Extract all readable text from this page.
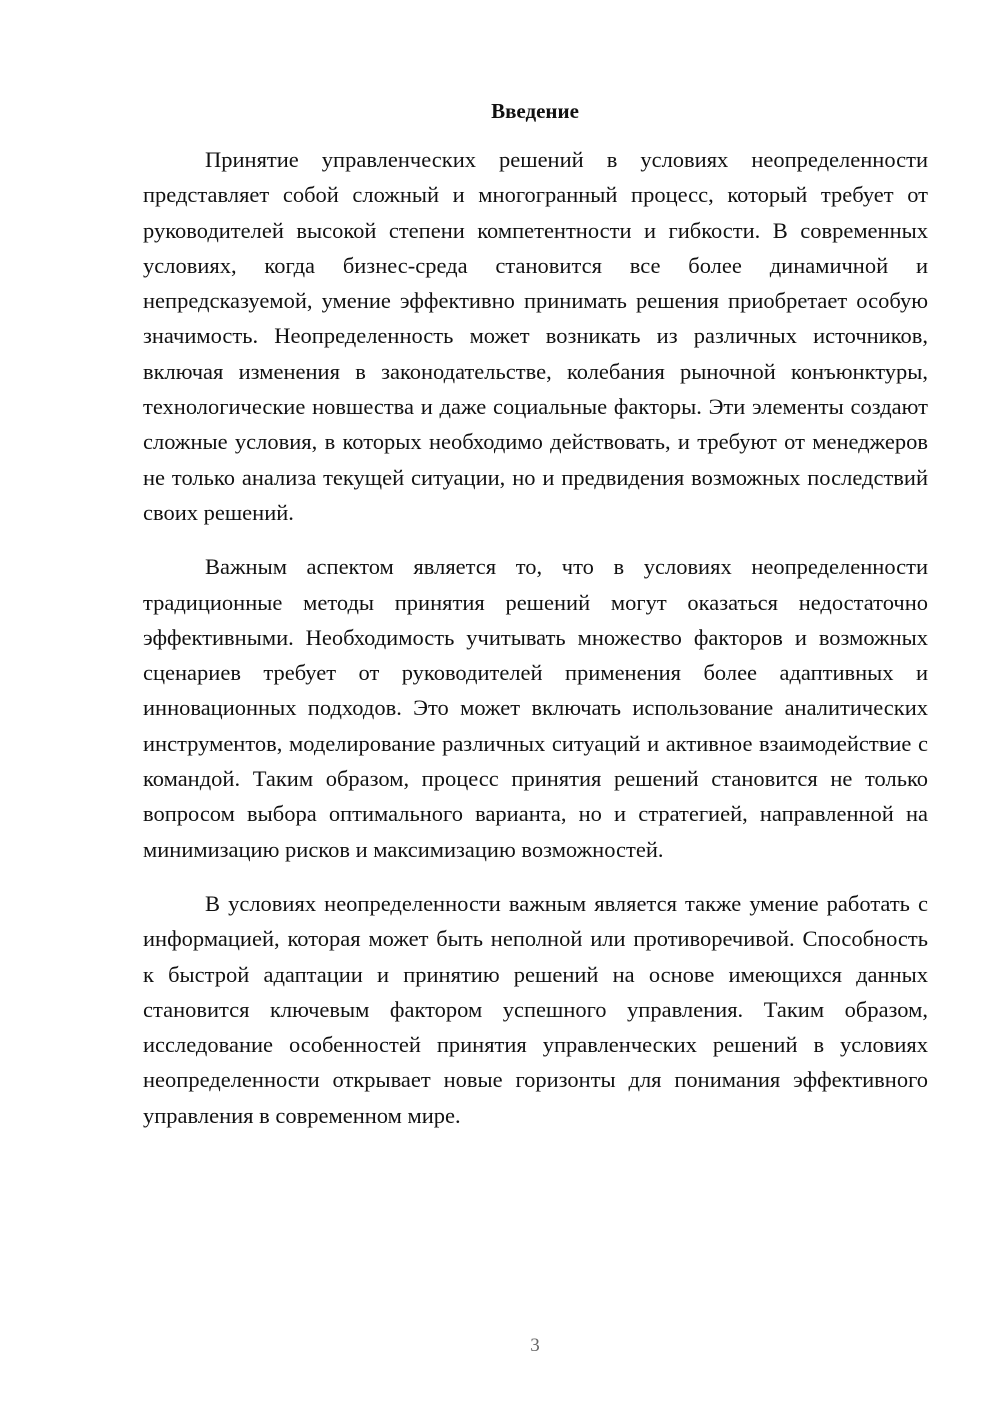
Введение

Принятие управленческих решений в условиях неопределенности представляет собой сложный и многогранный процесс, который требует от руководителей высокой степени компетентности и гибкости. В современных условиях, когда бизнес-среда становится все более динамичной и непредсказуемой, умение эффективно принимать решения приобретает особую значимость. Неопределенность может возникать из различных источников, включая изменения в законодательстве, колебания рыночной конъюнктуры, технологические новшества и даже социальные факторы. Эти элементы создают сложные условия, в которых необходимо действовать, и требуют от менеджеров не только анализа текущей ситуации, но и предвидения возможных последствий своих решений.

Важным аспектом является то, что в условиях неопределенности традиционные методы принятия решений могут оказаться недостаточно эффективными. Необходимость учитывать множество факторов и возможных сценариев требует от руководителей применения более адаптивных и инновационных подходов. Это может включать использование аналитических инструментов, моделирование различных ситуаций и активное взаимодействие с командой. Таким образом, процесс принятия решений становится не только вопросом выбора оптимального варианта, но и стратегией, направленной на минимизацию рисков и максимизацию возможностей.

В условиях неопределенности важным является также умение работать с информацией, которая может быть неполной или противоречивой. Способность к быстрой адаптации и принятию решений на основе имеющихся данных становится ключевым фактором успешного управления. Таким образом, исследование особенностей принятия управленческих решений в условиях неопределенности открывает новые горизонты для понимания эффективного управления в современном мире.

3
